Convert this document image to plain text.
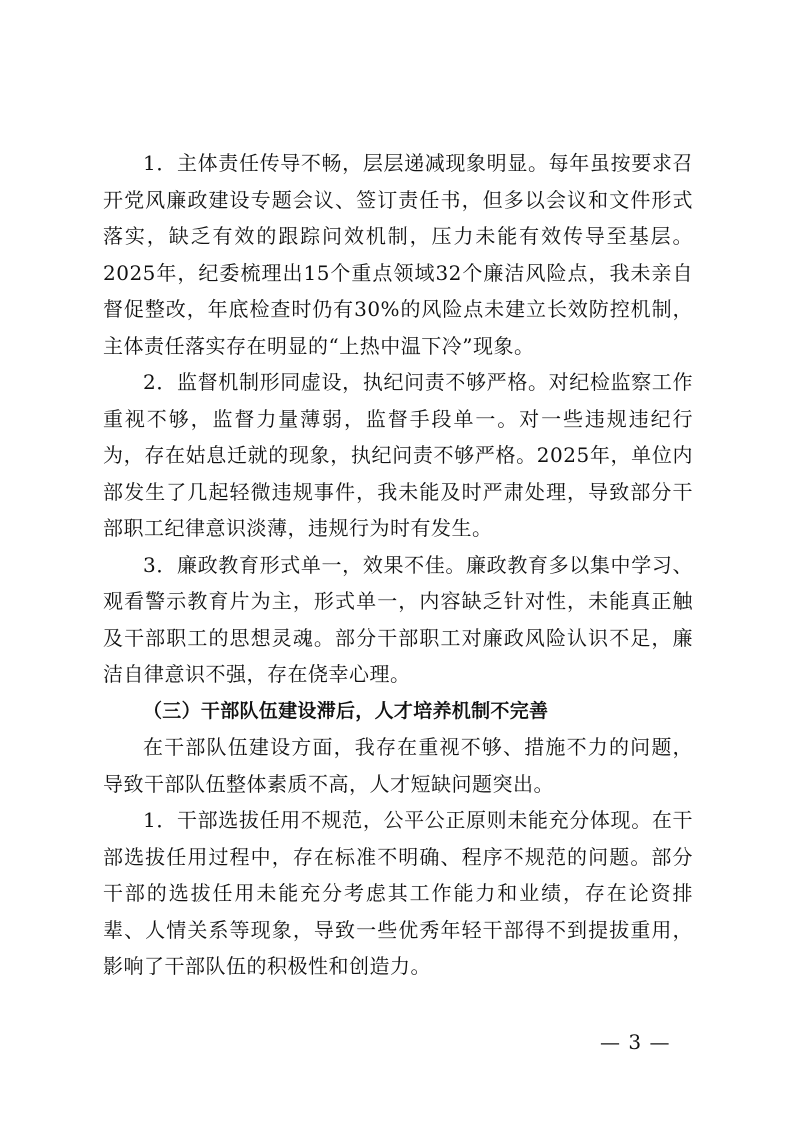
1．主体责任传导不畅，层层递减现象明显。每年虽按要求召开党风廉政建设专题会议、签订责任书，但多以会议和文件形式落实，缺乏有效的跟踪问效机制，压力未能有效传导至基层。2025年，纪委梳理出15个重点领域32个廉洁风险点，我未亲自督促整改，年底检查时仍有30%的风险点未建立长效防控机制，主体责任落实存在明显的“上热中温下冷”现象。

2．监督机制形同虚设，执纪问责不够严格。对纪检监察工作重视不够，监督力量薄弱，监督手段单一。对一些违规违纪行为，存在姑息迁就的现象，执纪问责不够严格。2025年，单位内部发生了几起轻微违规事件，我未能及时严肃处理，导致部分干部职工纪律意识淡薄，违规行为时有发生。

3．廉政教育形式单一，效果不佳。廉政教育多以集中学习、观看警示教育片为主，形式单一，内容缺乏针对性，未能真正触及干部职工的思想灵魂。部分干部职工对廉政风险认识不足，廉洁自律意识不强，存在侥幸心理。

（三）干部队伍建设滞后，人才培养机制不完善

在干部队伍建设方面，我存在重视不够、措施不力的问题，导致干部队伍整体素质不高，人才短缺问题突出。

1．干部选拔任用不规范，公平公正原则未能充分体现。在干部选拔任用过程中，存在标准不明确、程序不规范的问题。部分干部的选拔任用未能充分考虑其工作能力和业绩，存在论资排辈、人情关系等现象，导致一些优秀年轻干部得不到提拔重用，影响了干部队伍的积极性和创造力。

— 3 —
